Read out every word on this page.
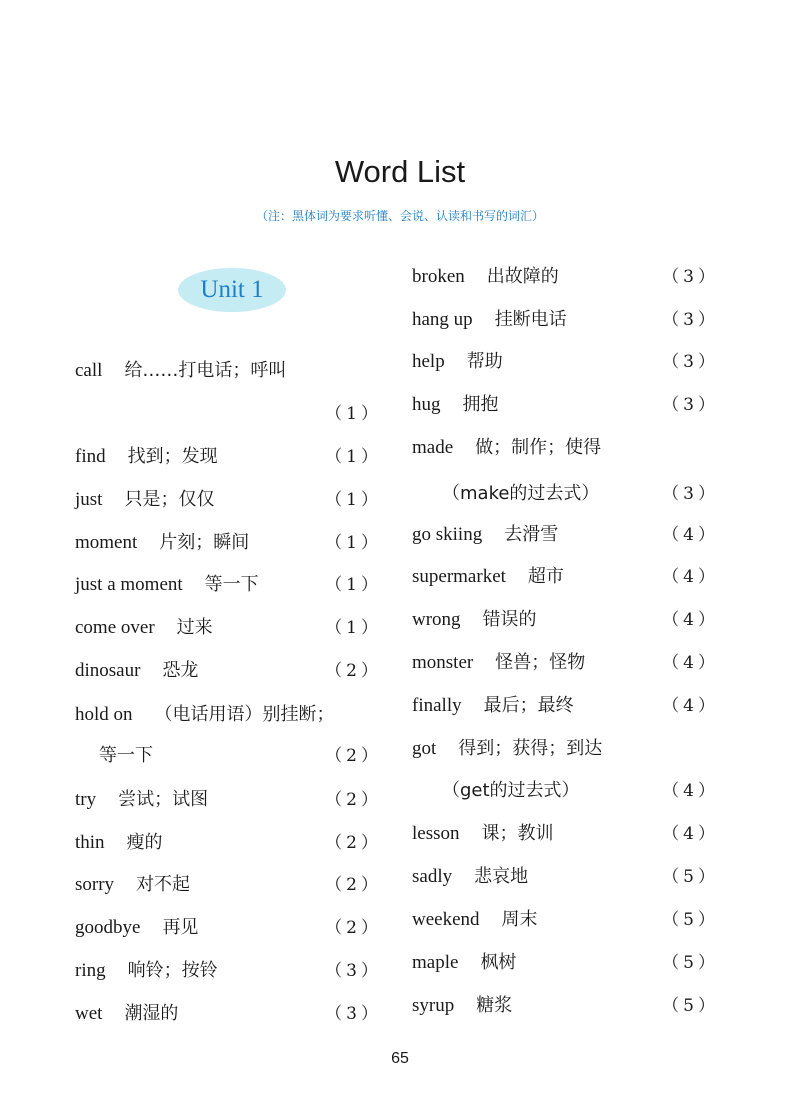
Word List
（注：黑体词为要求听懂、会说、认读和书写的词汇）
Unit 1
call 给……打电话；呼叫
（1）
find 找到；发现	（1）
just 只是；仅仅	（1）
moment 片刻；瞬间	（1）
just a moment 等一下	（1）
come over 过来	（1）
dinosaur 恐龙	（2）
hold on （电话用语）别挂断；
等一下	（2）
try 尝试；试图	（2）
thin 瘦的	（2）
sorry 对不起	（2）
goodbye 再见	（2）
ring 响铃；按铃	（3）
wet 潮湿的	（3）
broken 出故障的	（3）
hang up 挂断电话	（3）
help 帮助	（3）
hug 拥抱	（3）
made 做；制作；使得
（make的过去式）	（3）
go skiing 去滑雪	（4）
supermarket 超市	（4）
wrong 错误的	（4）
monster 怪兽；怪物	（4）
finally 最后；最终	（4）
got 得到；获得；到达
（get的过去式）	（4）
lesson 课；教训	（4）
sadly 悲哀地	（5）
weekend 周末	（5）
maple 枫树	（5）
syrup 糖浆	（5）
65
